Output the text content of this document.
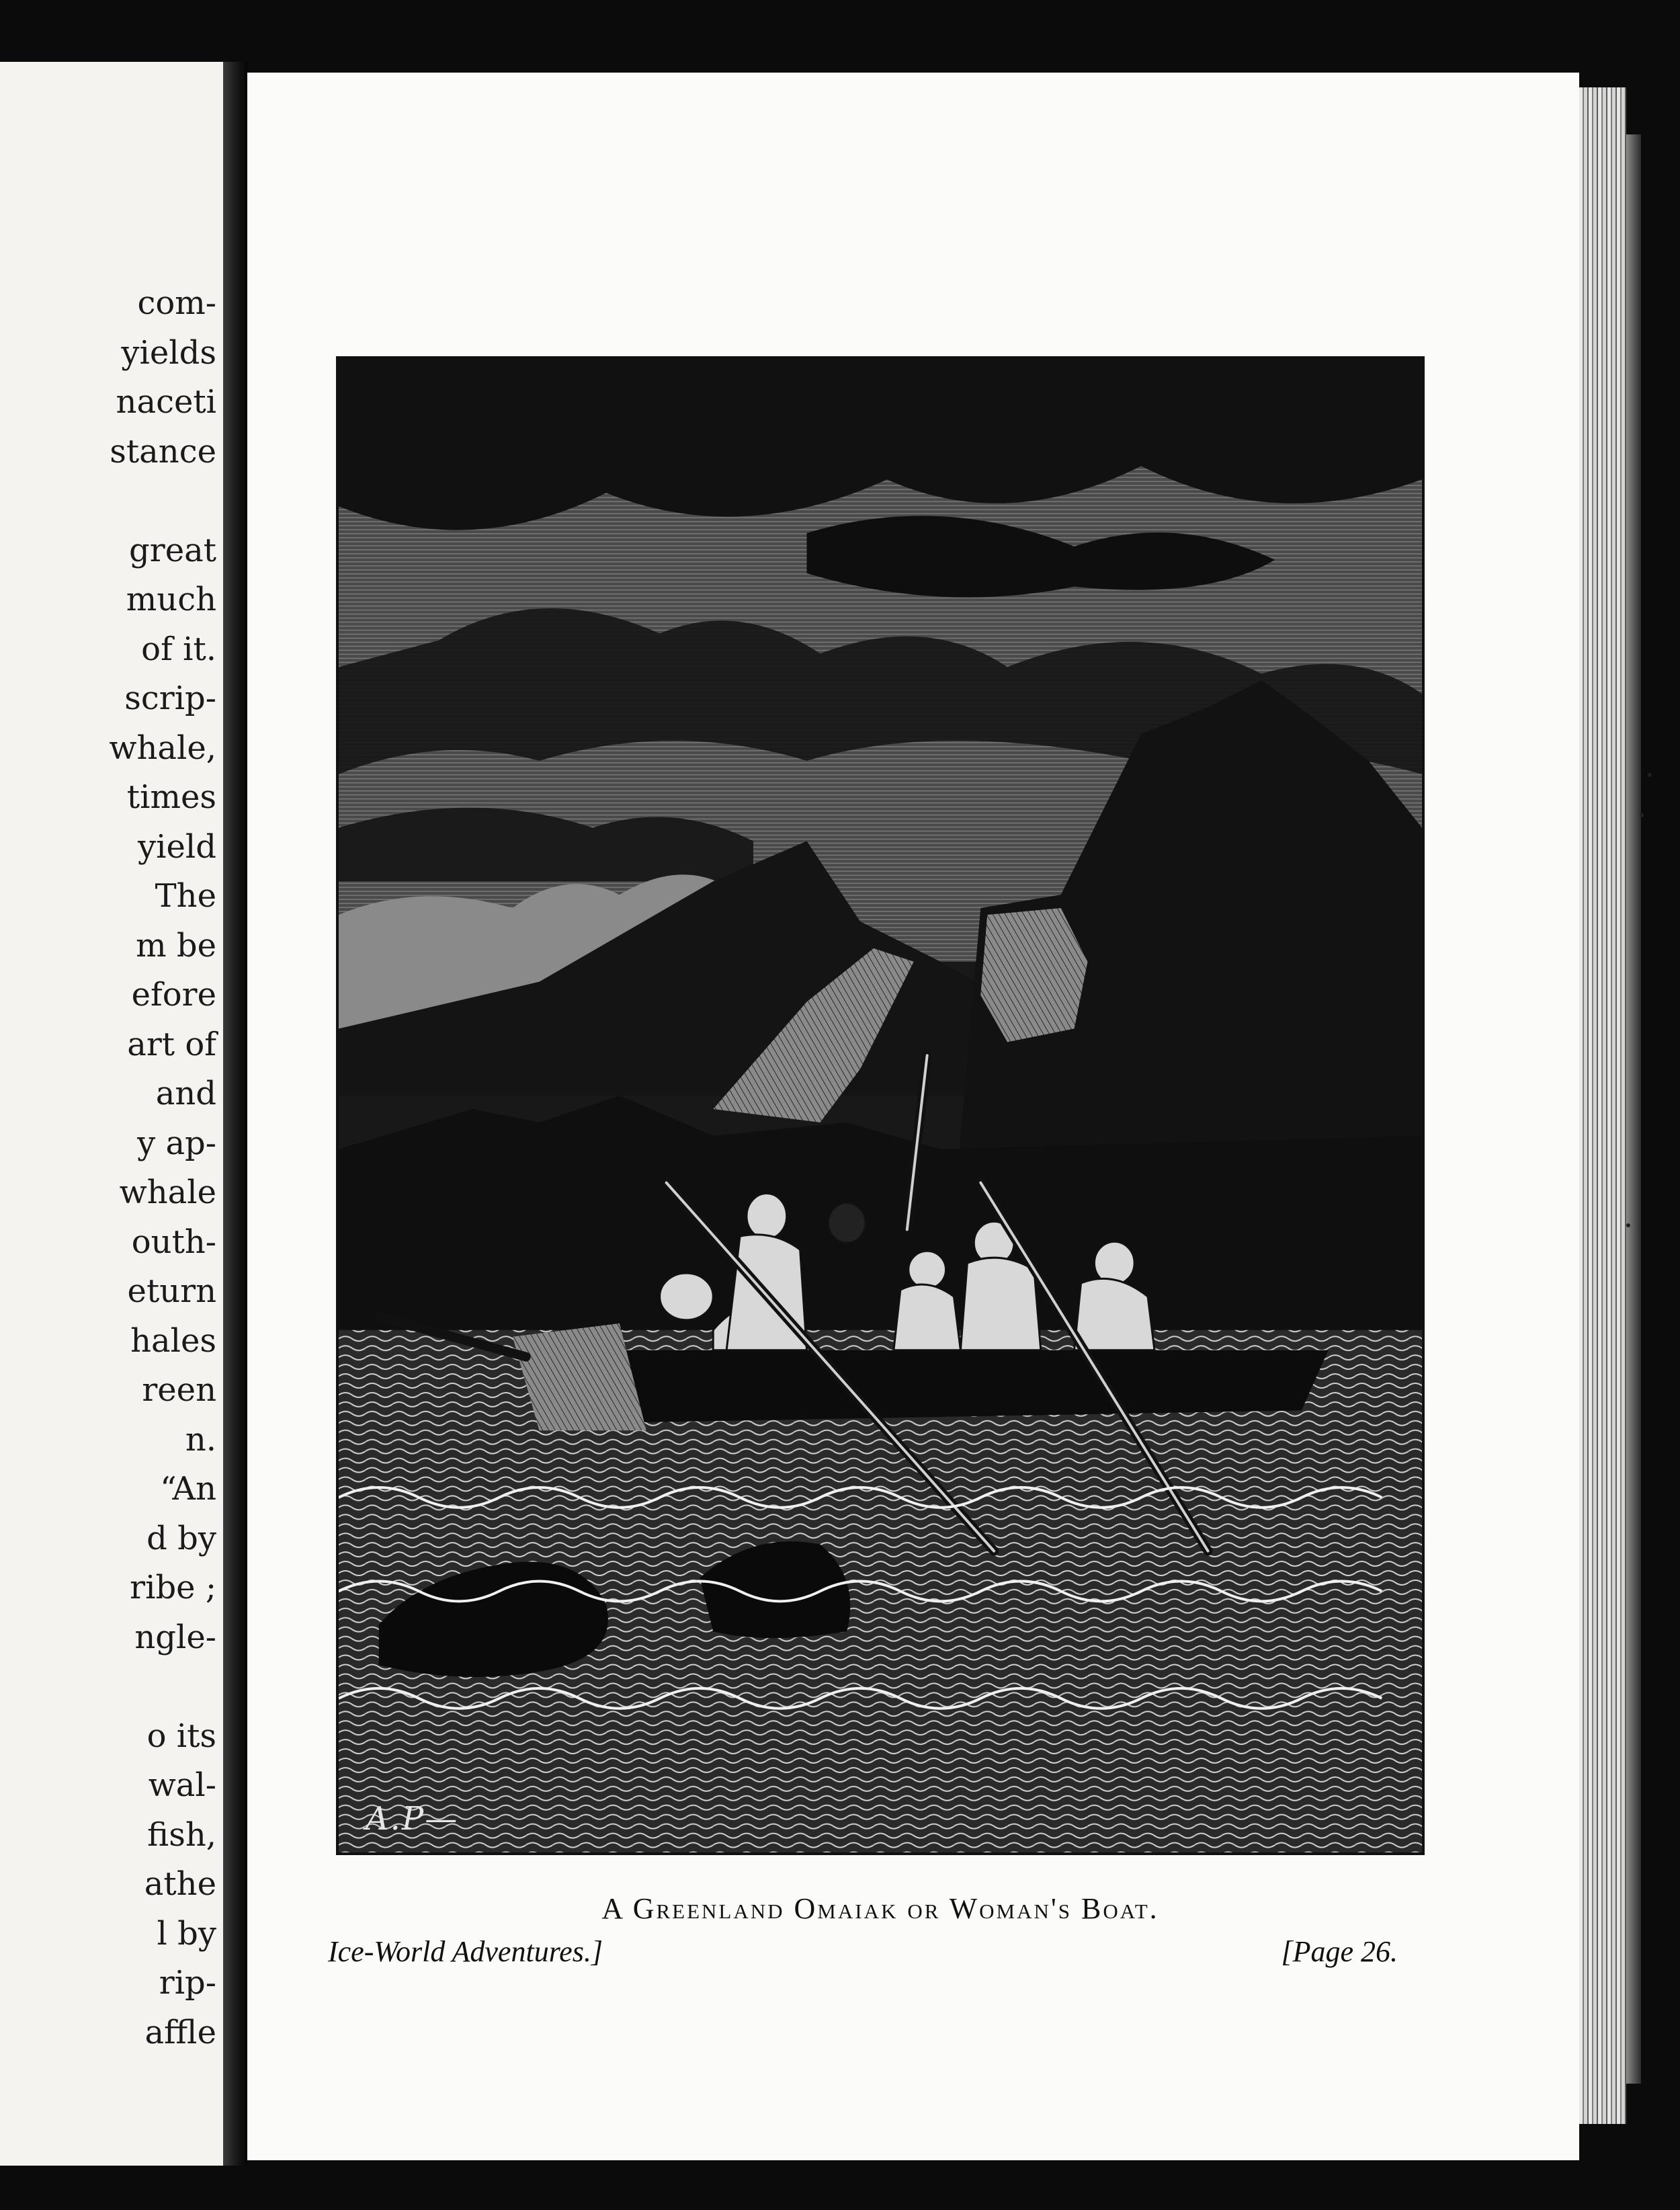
com-
yields
naceti
stance
great
much
of it.
scrip-
whale,
times
yield
The
m be
efore
art of
and
y ap-
whale
outh-
eturn
hales
reen
n.
“An
d by
ribe ;
ngle-
o its
wal-
fish,
athe
l by
rip-
affle
A.P—
A Greenland Omaiak or Woman's Boat.
Ice-World Adventures.]	[Page 26.
